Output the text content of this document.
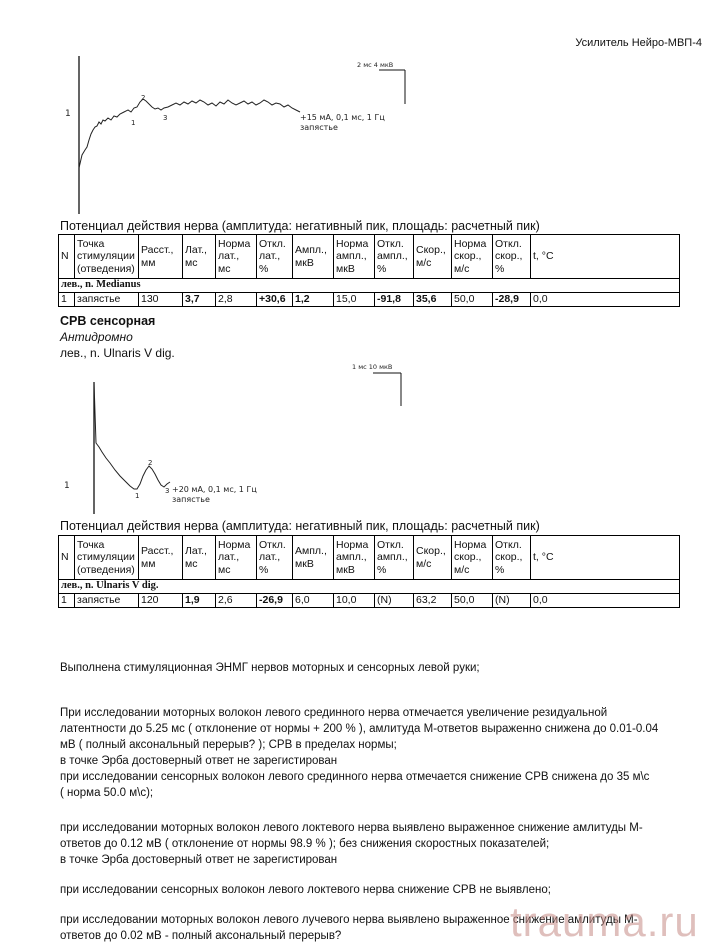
Усилитель Нейро-МВП-4
1
1
2
3
2 мс 4 мкВ
+15 мА, 0,1 мс, 1 Гц
запястье
1
1
2
3
1 мс 10 мкВ
+20 мА, 0,1 мс, 1 Гц
запястье
Потенциал действия нерва (амплитуда: негативный пик, площадь: расчетный пик)
N	Точка стимуляции (отведения)	Расст., мм	Лат., мс	Норма лат., мс	Откл. лат., %	Ампл., мкВ	Норма ампл., мкВ	Откл. ампл., %	Скор., м/с	Норма скор., м/с	Откл. скор., %	t, °C
лев., n. Medianus												
1	запястье	130	3,7	2,8	+30,6	1,2	15,0	-91,8	35,6	50,0	-28,9	0,0
СРВ сенсорная
Антидромно
лев., n. Ulnaris V dig.
Потенциал действия нерва (амплитуда: негативный пик, площадь: расчетный пик)
N	Точка стимуляции (отведения)	Расст., мм	Лат., мс	Норма лат., мс	Откл. лат., %	Ампл., мкВ	Норма ампл., мкВ	Откл. ампл., %	Скор., м/с	Норма скор., м/с	Откл. скор., %	t, °C
лев., n. Ulnaris V dig.												
1	запястье	120	1,9	2,6	-26,9	6,0	10,0	(N)	63,2	50,0	(N)	0,0

Выполнена стимуляционная ЭНМГ нервов моторных и сенсорных левой руки;

При исследовании моторных волокон левого срединного нерва отмечается увеличение резидуальной

латентности до 5.25 мс ( отклонение от нормы + 200 % ), амлитуда М-ответов выраженно снижена до 0.01-0.04

мВ ( полный аксональный перерыв? ); СРВ в пределах нормы;

в точке Эрба достоверный ответ не зарегистирован

при исследовании сенсорных волокон левого срединного нерва отмечается снижение СРВ снижена до 35 м\с

( норма 50.0 м\с);

при исследовании моторных волокон левого локтевого нерва выявлено выраженное снижение амлитуды М-

ответов до 0.12 мВ ( отклонение от нормы 98.9 % ); без снижения скоростных показателей;

в точке Эрба достоверный ответ не зарегистирован

при исследовании сенсорных волокон левого локтевого нерва снижение СРВ не выявлено;

при исследовании моторных волокон левого лучевого нерва выявлено выраженное снижение амлитуды М-

ответов до 0.02 мВ - полный аксональный перерыв?	trauma.ru
